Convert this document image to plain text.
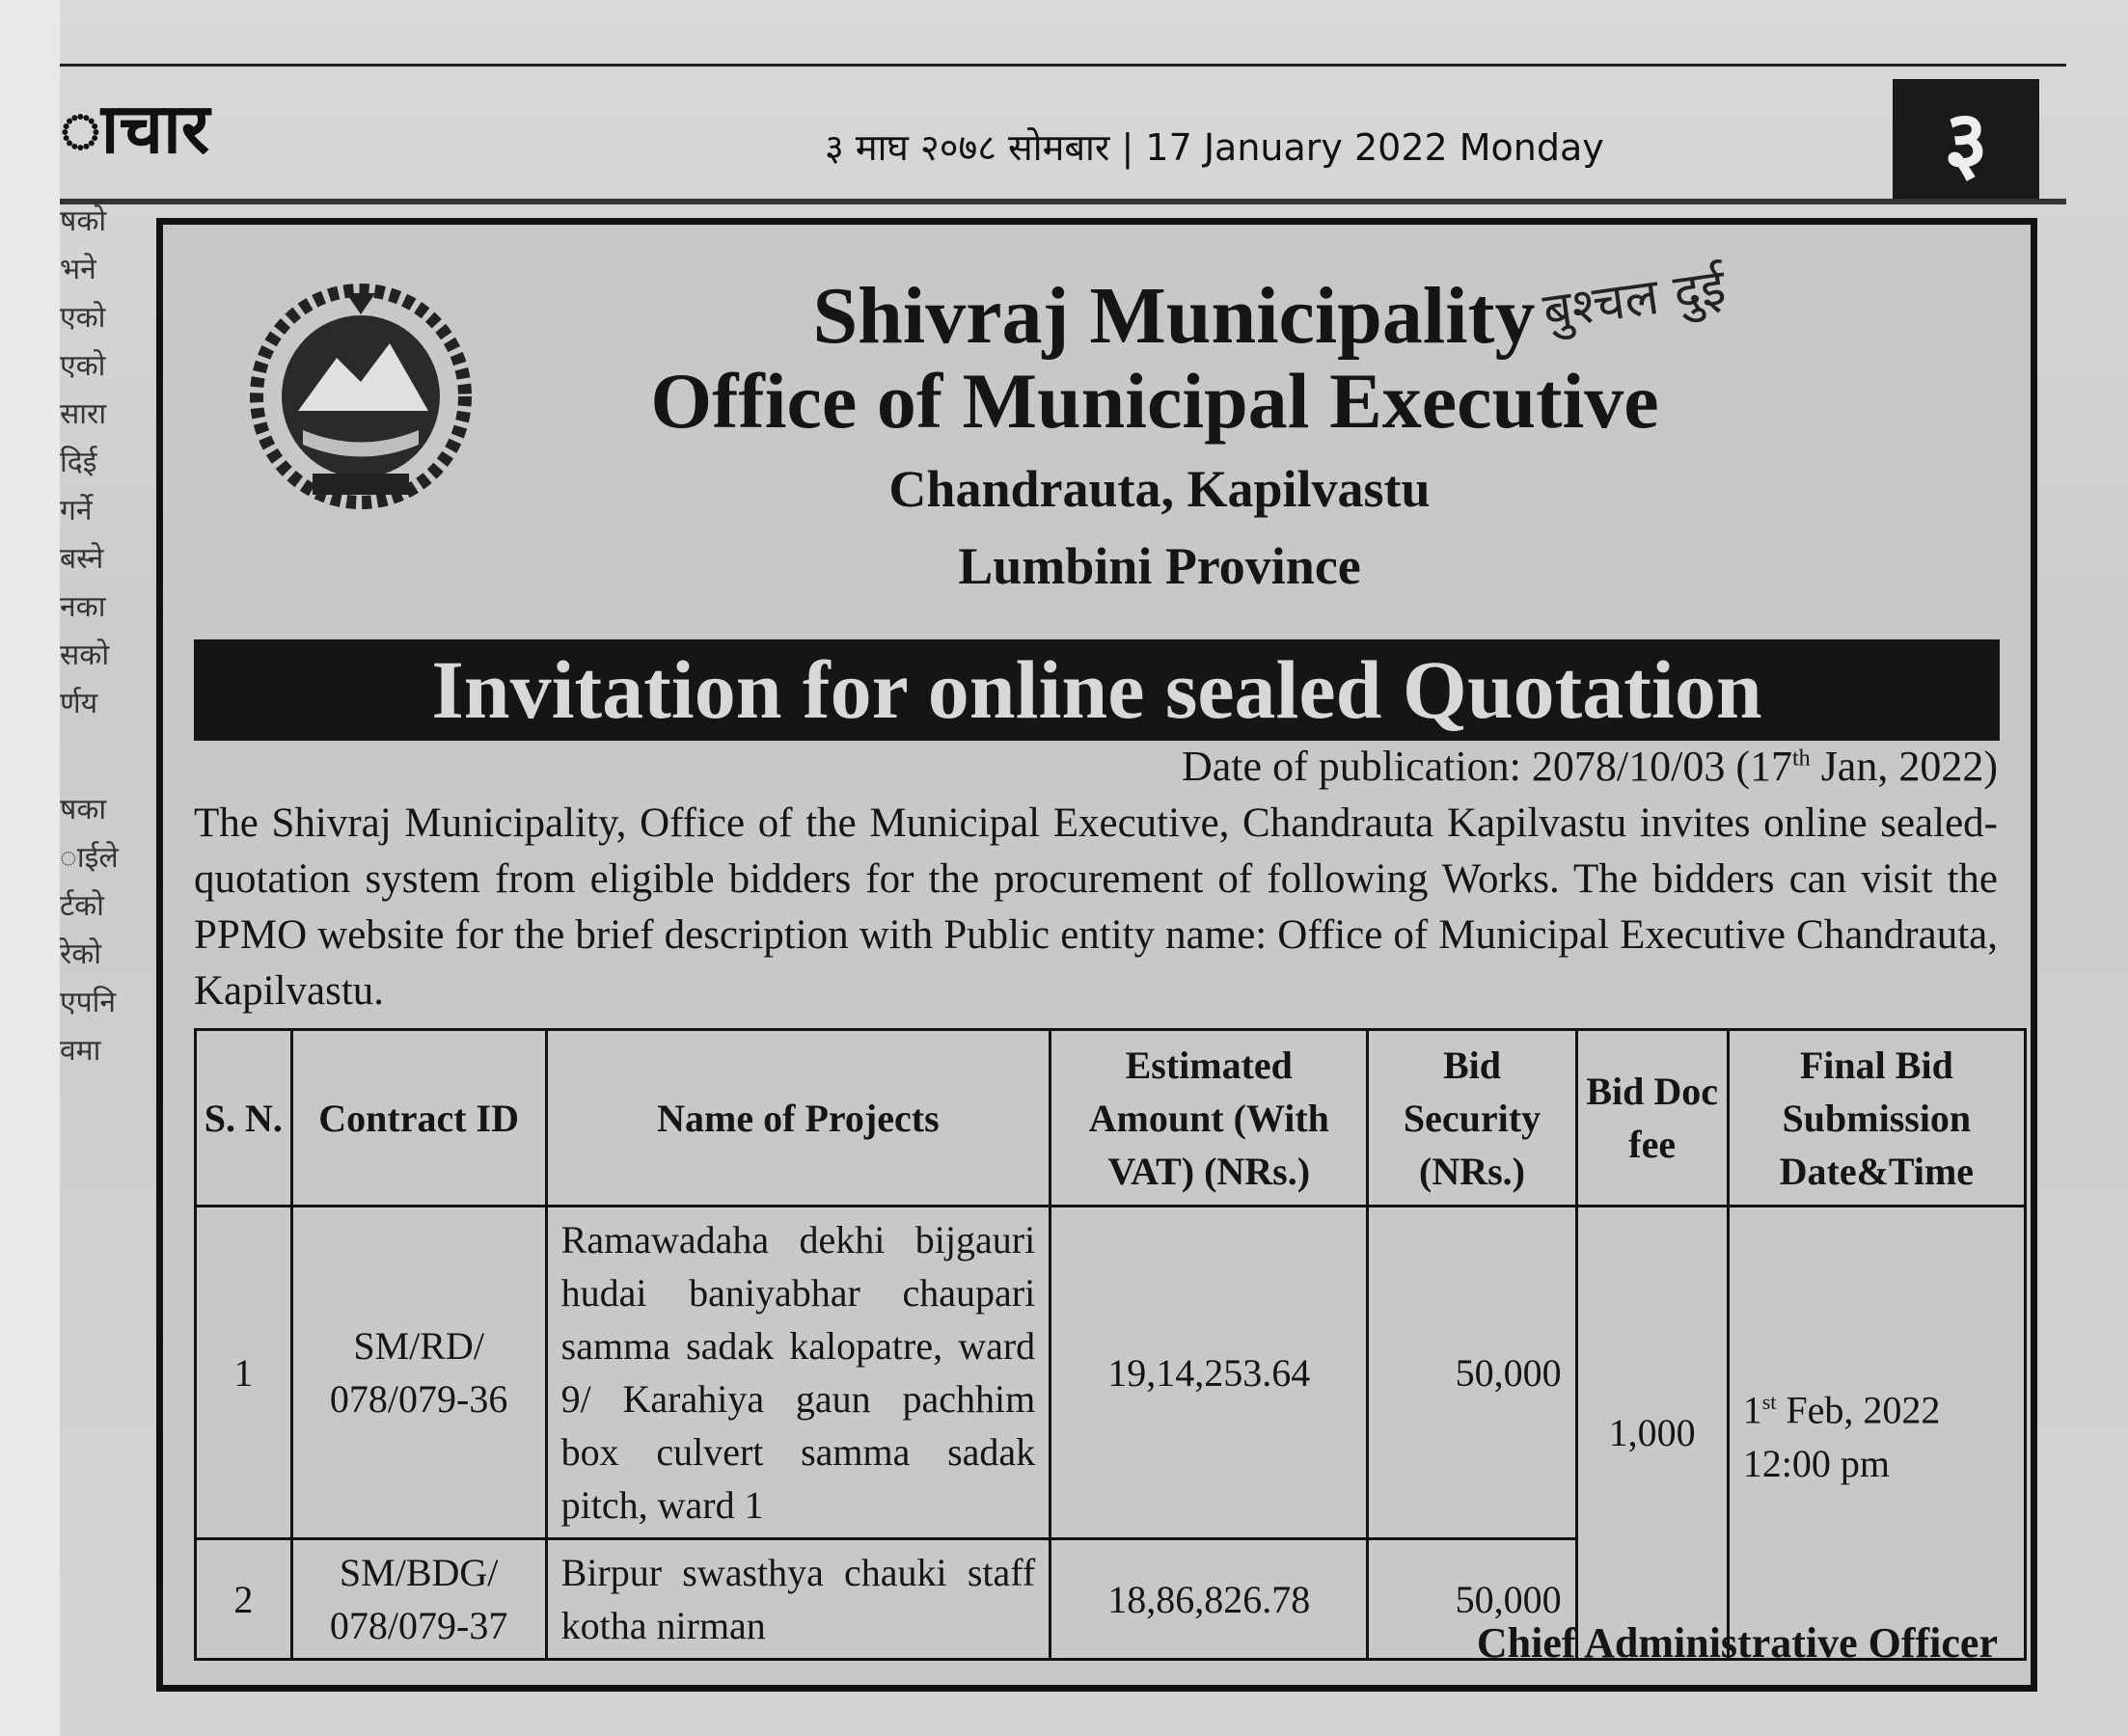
षको
भने
एको
एको
सारा
दिई
गर्ने
बस्ने
नका
सको
र्णय
षका
ाईले
र्टको
रेको
एपनि
वमा
ाचार	३ माघ २०७८ सोमबार | 17 January 2022 Monday	३
Shivraj Municipality बुश्चल दुई
Office of Municipal Executive
Chandrauta, Kapilvastu
Lumbini Province
Invitation for online sealed Quotation
Date of publication: 2078/10/03 (17th Jan, 2022)
The Shivraj Municipality, Office of the Municipal Executive, Chandrauta Kapilvastu invites online sealed-quotation system from eligible bidders for the procurement of following Works. The bidders can visit the PPMO website for the brief description with Public entity name: Office of Municipal Executive Chandrauta, Kapilvastu.
S. N.	Contract ID	Name of Projects	Estimated Amount (With VAT) (NRs.)	Bid Security (NRs.)	Bid Doc fee	Final Bid Submission Date&Time
1	SM/RD/ 078/079-36	Ramawadaha dekhi bijgauri hudai baniyabhar chaupari samma sadak kalopatre, ward 9/ Karahiya gaun pachhim box culvert samma sadak pitch, ward 1	19,14,253.64	50,000	1,000	1st Feb, 2022
12:00 pm
2	SM/BDG/ 078/079-37	Birpur swasthya chauki staff kotha nirman	18,86,826.78	50,000		
Chief Administrative Officer
